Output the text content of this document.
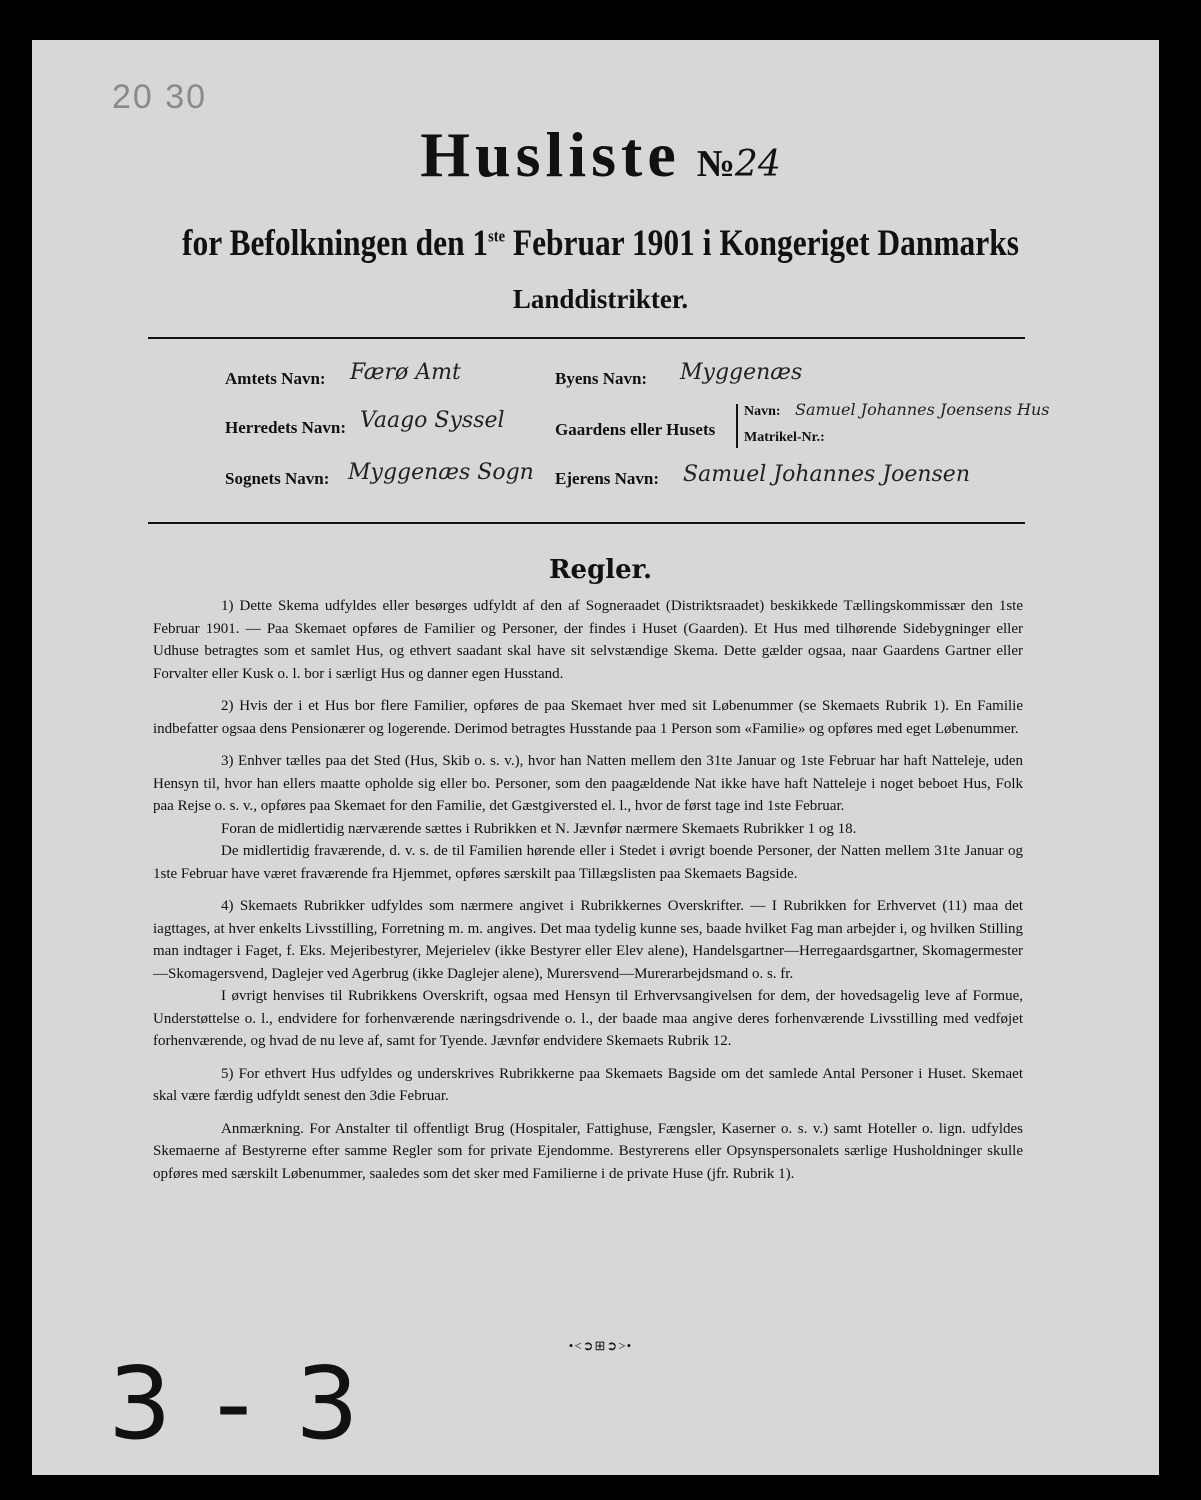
20 30
Husliste №24
for Befolkningen den 1ste Februar 1901 i Kongeriget Danmarks
Landdistrikter.
Amtets Navn: Færø Amt	Byens Navn: Myggenæs
Herredets Navn: Vaago Syssel	Gaardens eller Husets
Navn: Samuel Johannes Joensens Hus
Matrikel-Nr.:
Sognets Navn: Myggenæs Sogn Ejerens Navn: Samuel Johannes Joensen
Regler.

1) Dette Skema udfyldes eller besørges udfyldt af den af Sogneraadet (Distriktsraadet) beskikkede Tællingskommissær den 1ste Februar 1901. — Paa Skemaet opføres de Familier og Personer, der findes i Huset (Gaarden). Et Hus med tilhørende Sidebygninger eller Udhuse betragtes som et samlet Hus, og ethvert saadant skal have sit selvstændige Skema. Dette gælder ogsaa, naar Gaardens Gartner eller Forvalter eller Kusk o. l. bor i særligt Hus og danner egen Husstand.

2) Hvis der i et Hus bor flere Familier, opføres de paa Skemaet hver med sit Løbenummer (se Skemaets Rubrik 1). En Familie indbefatter ogsaa dens Pensionærer og logerende. Derimod betragtes Husstande paa 1 Person som «Familie» og opføres med eget Løbenummer.

3) Enhver tælles paa det Sted (Hus, Skib o. s. v.), hvor han Natten mellem den 31te Januar og 1ste Februar har haft Natteleje, uden Hensyn til, hvor han ellers maatte opholde sig eller bo. Personer, som den paagældende Nat ikke have haft Natteleje i noget beboet Hus, Folk paa Rejse o. s. v., opføres paa Skemaet for den Familie, det Gæstgiversted el. l., hvor de først tage ind 1ste Februar.

Foran de midlertidig nærværende sættes i Rubrikken et N. Jævnfør nærmere Skemaets Rubrikker 1 og 18.

De midlertidig fraværende, d. v. s. de til Familien hørende eller i Stedet i øvrigt boende Personer, der Natten mellem 31te Januar og 1ste Februar have været fraværende fra Hjemmet, opføres særskilt paa Tillægslisten paa Skemaets Bagside.

4) Skemaets Rubrikker udfyldes som nærmere angivet i Rubrikkernes Overskrifter. — I Rubrikken for Erhvervet (11) maa det iagttages, at hver enkelts Livsstilling, Forretning m. m. angives. Det maa tydelig kunne ses, baade hvilket Fag man arbejder i, og hvilken Stilling man indtager i Faget, f. Eks. Mejeribestyrer, Mejerielev (ikke Bestyrer eller Elev alene), Handelsgartner—Herregaardsgartner, Skomagermester—Skomagersvend, Daglejer ved Agerbrug (ikke Daglejer alene), Murersvend—Murerarbejdsmand o. s. fr.

I øvrigt henvises til Rubrikkens Overskrift, ogsaa med Hensyn til Erhvervsangivelsen for dem, der hovedsagelig leve af Formue, Understøttelse o. l., endvidere for forhenværende næringsdrivende o. l., der baade maa angive deres forhenværende Livsstilling med vedføjet forhenværende, og hvad de nu leve af, samt for Tyende. Jævnfør endvidere Skemaets Rubrik 12.

5) For ethvert Hus udfyldes og underskrives Rubrikkerne paa Skemaets Bagside om det samlede Antal Personer i Huset. Skemaet skal være færdig udfyldt senest den 3die Februar.

Anmærkning. For Anstalter til offentligt Brug (Hospitaler, Fattighuse, Fængsler, Kaserner o. s. v.) samt Hoteller o. lign. udfyldes Skemaerne af Bestyrerne efter samme Regler som for private Ejendomme. Bestyrerens eller Opsynspersonalets særlige Husholdninger skulle opføres med særskilt Løbenummer, saaledes som det sker med Familierne i de private Huse (jfr. Rubrik 1).

•<➲⊞➲>•
3 - 3
